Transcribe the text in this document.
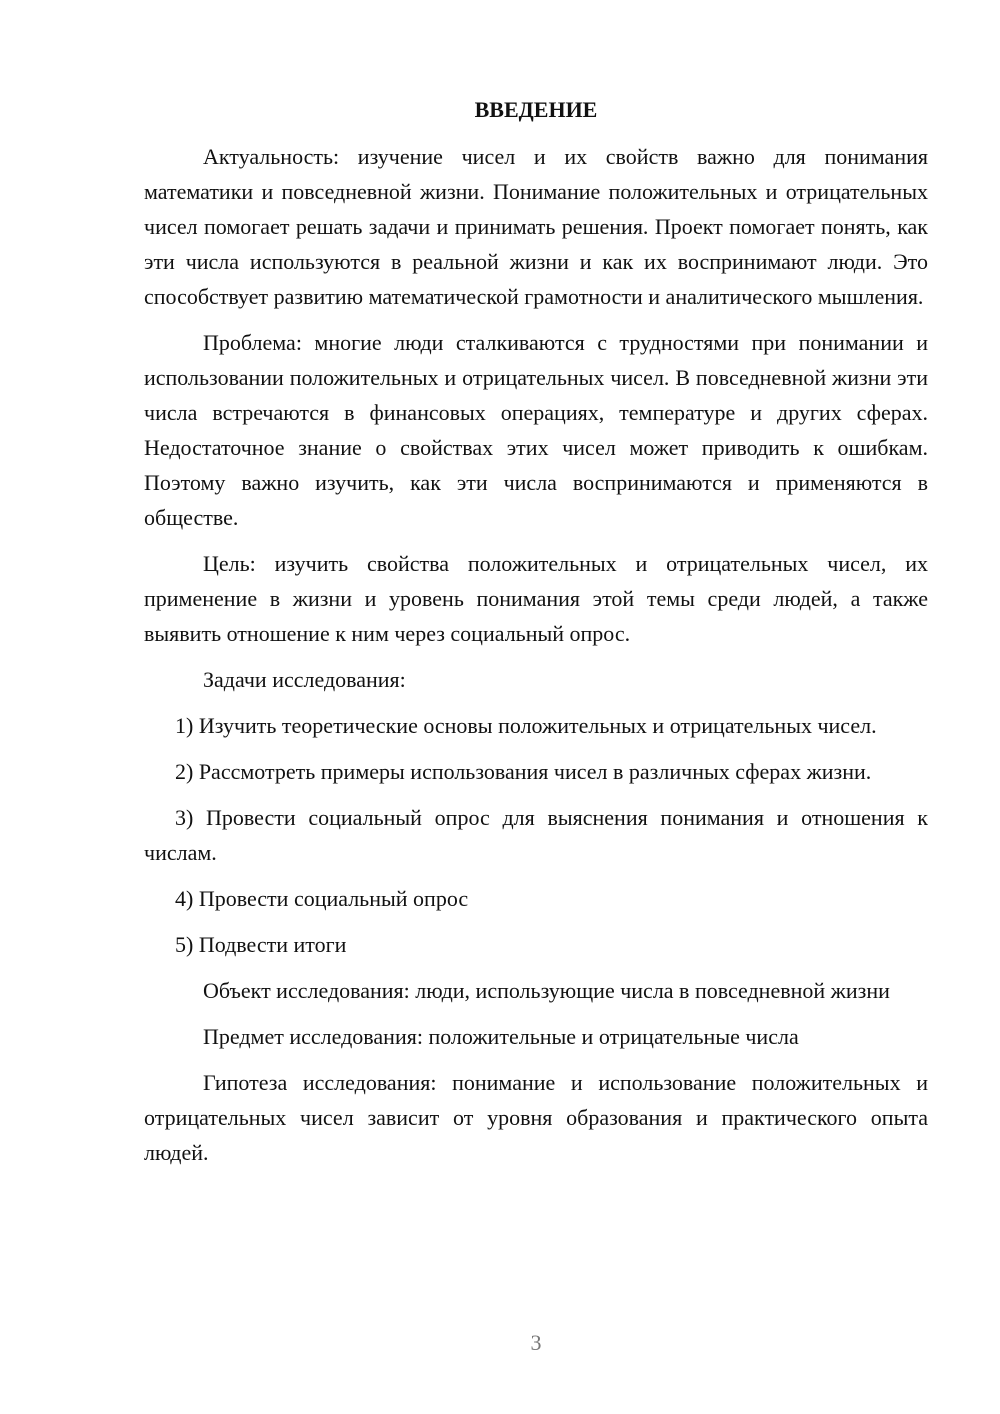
ВВЕДЕНИЕ

Актуальность: изучение чисел и их свойств важно для понимания математики и повседневной жизни. Понимание положительных и отрицательных чисел помогает решать задачи и принимать решения. Проект помогает понять, как эти числа используются в реальной жизни и как их воспринимают люди. Это способствует развитию математической грамотности и аналитического мышления.

Проблема: многие люди сталкиваются с трудностями при понимании и использовании положительных и отрицательных чисел. В повседневной жизни эти числа встречаются в финансовых операциях, температуре и других сферах. Недостаточное знание о свойствах этих чисел может приводить к ошибкам. Поэтому важно изучить, как эти числа воспринимаются и применяются в обществе.

Цель: изучить свойства положительных и отрицательных чисел, их применение в жизни и уровень понимания этой темы среди людей, а также выявить отношение к ним через социальный опрос.

Задачи исследования:

1) Изучить теоретические основы положительных и отрицательных чисел.

2) Рассмотреть примеры использования чисел в различных сферах жизни.

3) Провести социальный опрос для выяснения понимания и отношения к числам.

4) Провести социальный опрос

5) Подвести итоги

Объект исследования: люди, использующие числа в повседневной жизни

Предмет исследования: положительные и отрицательные числа

Гипотеза исследования: понимание и использование положительных и отрицательных чисел зависит от уровня образования и практического опыта людей.

3
